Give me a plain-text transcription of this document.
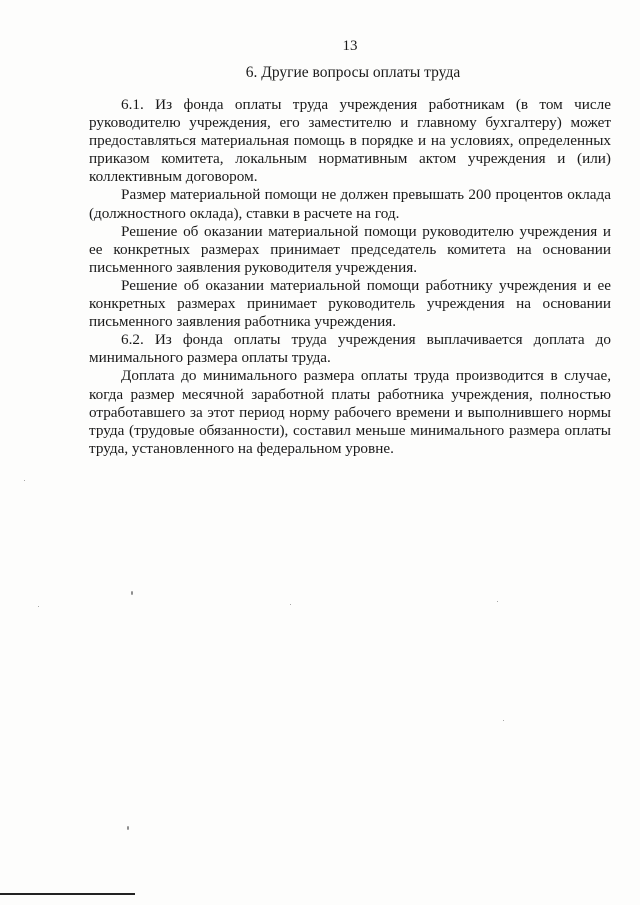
13
6. Другие вопросы оплаты труда

6.1. Из фонда оплаты труда учреждения работникам (в том числе руководителю учреждения, его заместителю и главному бухгалтеру) может предоставляться материальная помощь в порядке и на условиях, определенных приказом комитета, локальным нормативным актом учреждения и (или) коллективным договором.

Размер материальной помощи не должен превышать 200 процентов оклада (должностного оклада), ставки в расчете на год.

Решение об оказании материальной помощи руководителю учреждения и ее конкретных размерах принимает председатель комитета на основании письменного заявления руководителя учреждения.

Решение об оказании материальной помощи работнику учреждения и ее конкретных размерах принимает руководитель учреждения на основании письменного заявления работника учреждения.

6.2. Из фонда оплаты труда учреждения выплачивается доплата до минимального размера оплаты труда.

Доплата до минимального размера оплаты труда производится в случае, когда размер месячной заработной платы работника учреждения, полностью отработавшего за этот период норму рабочего времени и выполнившего нормы труда (трудовые обязанности), составил меньше минимального размера оплаты труда, установленного на федеральном уровне.
